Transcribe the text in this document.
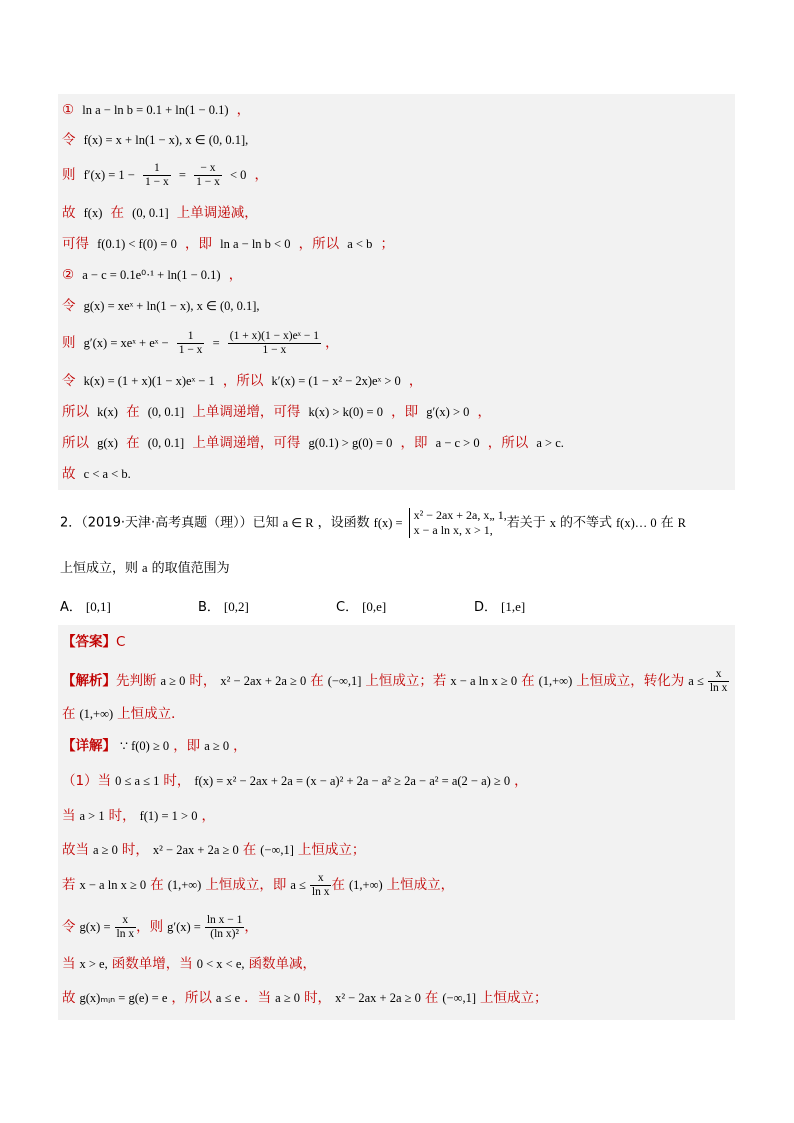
① ln a − ln b = 0.1 + ln(1 − 0.1) ，
令 f(x) = x + ln(1 − x), x ∈ (0, 0.1],
则 $f'(x) = 1 - \frac{1}{1 - x} = \frac{- x}{1 - x} < 0$ ，
故 f(x) 在 (0, 0.1] 上单调递减，
可得 f(0.1) < f(0) = 0 ，即 ln a − ln b < 0 ，所以 a < b ；
② a − c = 0.1e⁰·¹ + ln(1 − 0.1) ，
令 g(x) = xeˣ + ln(1 − x), x ∈ (0, 0.1],
则 g′(x) = xeˣ + eˣ − $\frac{1}{1 - x} = \frac{\text{(1 + x)(1 − x)eˣ − 1}}{1 - x}$ ，
令 k(x) = (1 + x)(1 − x)eˣ − 1 ，所以 k′(x) = (1 − x² − 2x)eˣ > 0 ，
所以 k(x) 在 (0, 0.1] 上单调递增，可得 k(x) > k(0) = 0 ，即 g′(x) > 0 ，
所以 g(x) 在 (0, 0.1] 上单调递增，可得 g(0.1) > g(0) = 0 ，即 a − c > 0 ，所以 a > c.
故 c < a < b.
2．（2019·天津·高考真题（理））已知 a ∈ R ，设函数 f(x) =
x² − 2ax + 2a, x„ 1,
x − a ln x, x > 1,	若关于 x 的不等式 f(x)… 0 在 R
上恒成立，则 a 的取值范围为
A． [0,1]	B． [0,2]	C． [0,e]	D． [1,e]
【答案】C
【解析】先判断 a ≥ 0 时， x² − 2ax + 2a ≥ 0 在 (−∞,1] 上恒成立；若 x − a ln x ≥ 0 在 (1,+∞) 上恒成立，转化为 $a \le \frac{x}{\text{ln x}}$
在 (1,+∞) 上恒成立．
【详解】 ∵ f(0) ≥ 0 ，即 a ≥ 0 ，
（1）当 0 ≤ a ≤ 1 时， f(x) = x² − 2ax + 2a = (x − a)² + 2a − a² ≥ 2a − a² = a(2 − a) ≥ 0 ，
当 a > 1 时， f(1) = 1 > 0 ，
故当 a ≥ 0 时， x² − 2ax + 2a ≥ 0 在 (−∞,1] 上恒成立；
若 x − a ln x ≥ 0 在 (1,+∞) 上恒成立，即 $a \le \frac{x}{\text{ln x}}$ 在 (1,+∞) 上恒成立，
令 $g(x) = \frac{x}{\text{ln x}}$ ，则 $g'(x) = \frac{\text{ln x − 1}}{\text{(ln x)²}}$ ，
当 x > e, 函数单增，当 0 < x < e, 函数单减，
故 g(x)ₘᵢₙ = g(e) = e ，所以 a ≤ e ．当 a ≥ 0 时， x² − 2ax + 2a ≥ 0 在 (−∞,1] 上恒成立；
